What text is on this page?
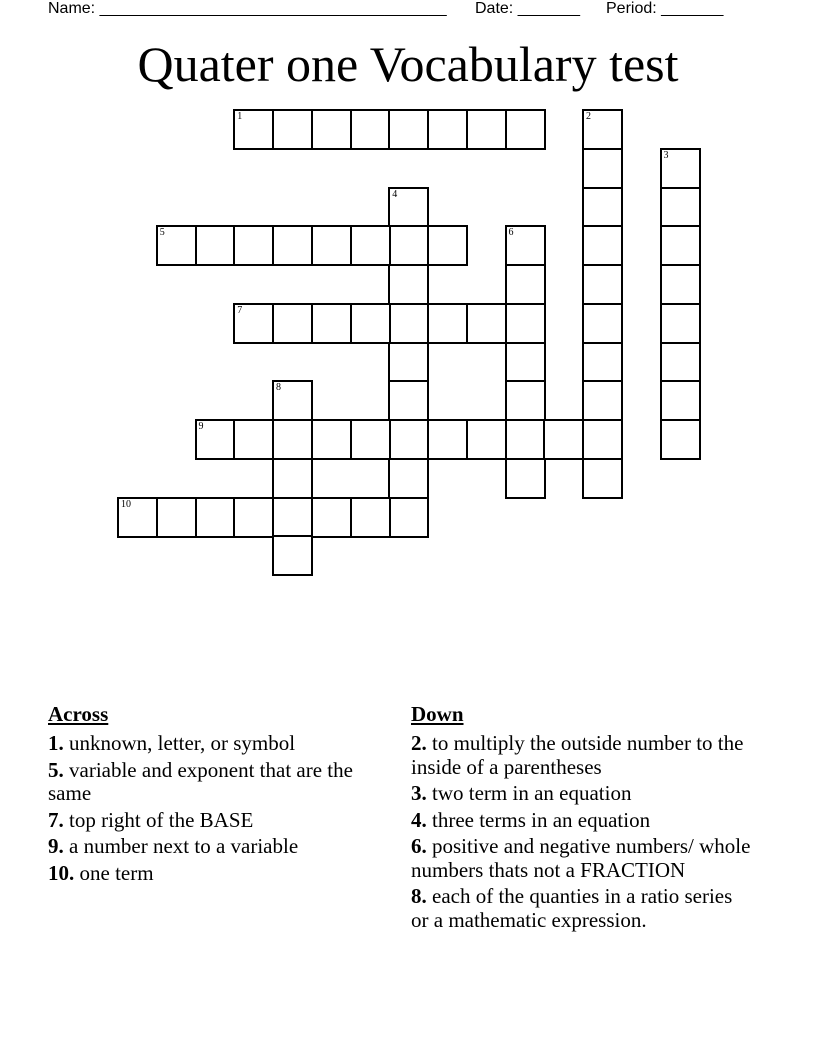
Name: _______________________________________ Date: _______ Period: _______
Quater one Vocabulary test
1	2
3
4
5	6
7
8
9
10
Across
1. unknown, letter, or symbol
5. variable and exponent that are the same
7. top right of the BASE
9. a number next to a variable
10. one term
Down
2. to multiply the outside number to the inside of a parentheses
3. two term in an equation
4. three terms in an equation
6. positive and negative numbers/ whole numbers thats not a FRACTION
8. each of the quanties in a ratio series or a mathematic expression.
